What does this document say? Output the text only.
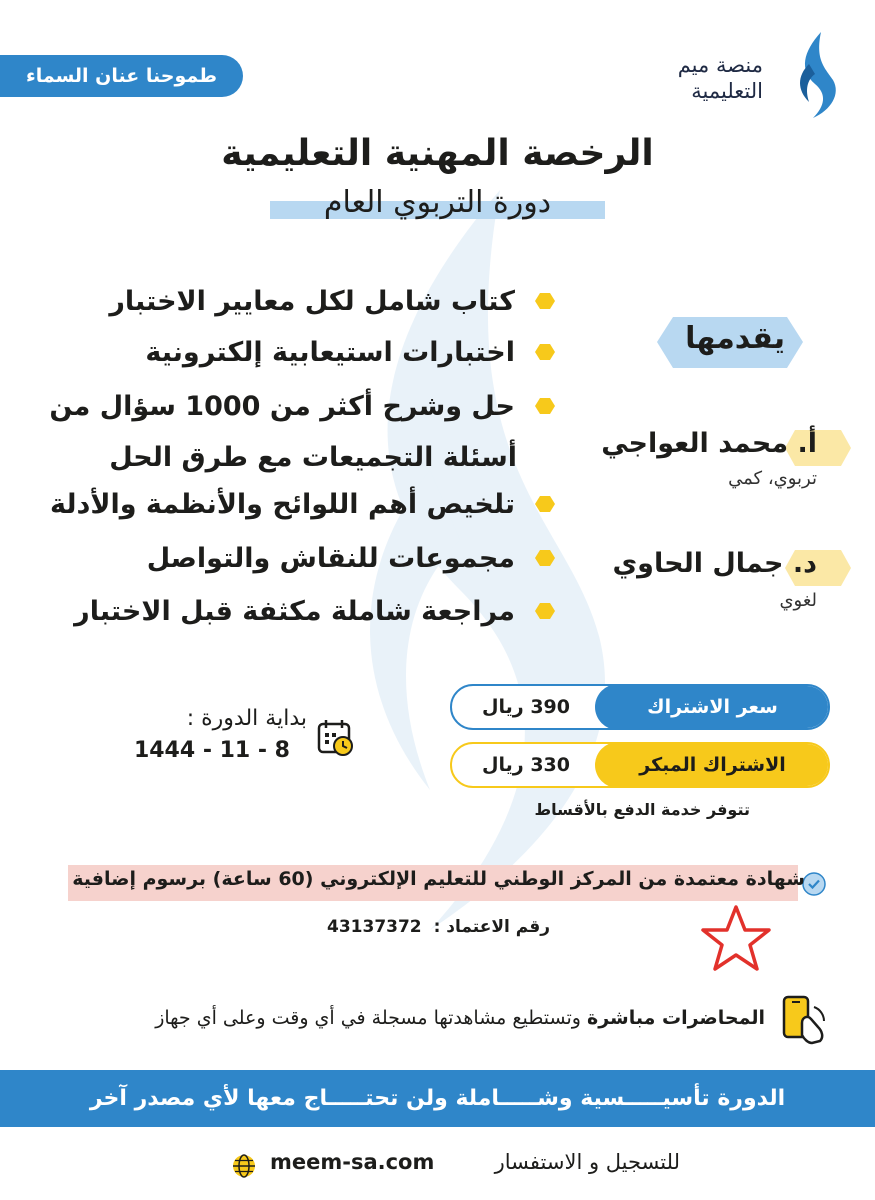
منصة ميم
التعليمية
طموحنا عنان السماء
الرخصة المهنية التعليمية
دورة التربوي العام
كتاب شامل لكل معايير الاختبار
اختبارات استيعابية إلكترونية
حل وشرح أكثر من 1000 سؤال من
أسئلة التجميعات مع طرق الحل
تلخيص أهم اللوائح والأنظمة والأدلة
مجموعات للنقاش والتواصل
مراجعة شاملة مكثفة قبل الاختبار
يقدمها
أ. محمد العواجي
تربوي، كمي
د. جمال الحاوي
لغوي
سعر الاشتراك
390 ريال
الاشتراك المبكر
330 ريال
تتوفر خدمة الدفع بالأقساط
بداية الدورة :
1444 - 11 - 8
شهادة معتمدة من المركز الوطني للتعليم الإلكتروني (60 ساعة) برسوم إضافية
رقم الاعتماد : 43137372
المحاضرات مباشرة وتستطيع مشاهدتها مسجلة في أي وقت وعلى أي جهاز
الدورة تأسيـــــسية وشـــــاملة ولن تحتـــــاج معها لأي مصدر آخر
للتسجيل و الاستفسار
meem-sa.com
